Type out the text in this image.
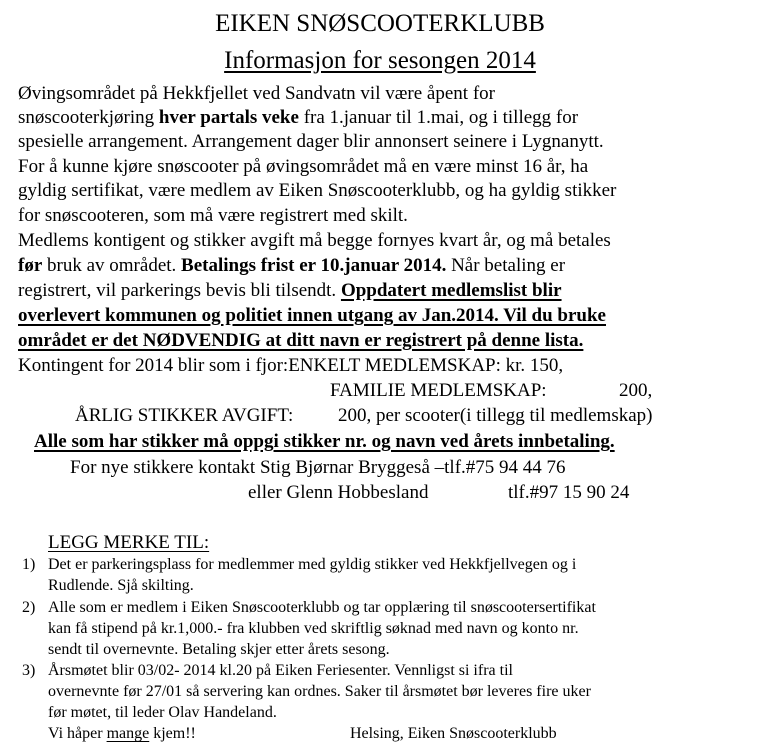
EIKEN SNØSCOOTERKLUBB
Informasjon for sesongen 2014
Øvingsområdet på Hekkfjellet ved Sandvatn vil være åpent for
snøscooterkjøring hver partals veke fra 1.januar til 1.mai, og i tillegg for
spesielle arrangement. Arrangement dager blir annonsert seinere i Lygnanytt.
For å kunne kjøre snøscooter på øvingsområdet må en være minst 16 år, ha
gyldig sertifikat, være medlem av Eiken Snøscooterklubb, og ha gyldig stikker
for snøscooteren, som må være registrert med skilt.
Medlems kontigent og stikker avgift må begge fornyes kvart år, og må betales
før bruk av området. Betalings frist er 10.januar 2014. Når betaling er
registrert, vil parkerings bevis bli tilsendt. Oppdatert medlemslist blir
overlevert kommunen og politiet innen utgang av Jan.2014. Vil du bruke
området er det NØDVENDIG at ditt navn er registrert på denne lista.
Kontingent for 2014 blir som i fjor:ENKELT MEDLEMSKAP: kr. 150,
FAMILIE MEDLEMSKAP:	200,
ÅRLIG STIKKER AVGIFT: 200, per scooter(i tillegg til medlemskap)
Alle som har stikker må oppgi stikker nr. og navn ved årets innbetaling.
For nye stikkere kontakt Stig Bjørnar Bryggeså –tlf.#75 94 44 76
eller Glenn Hobbesland	tlf.#97 15 90 24
LEGG MERKE TIL:
1) Det er parkeringsplass for medlemmer med gyldig stikker ved Hekkfjellvegen og i
Rudlende. Sjå skilting.
2) Alle som er medlem i Eiken Snøscooterklubb og tar opplæring til snøscootersertifikat
kan få stipend på kr.1,000.- fra klubben ved skriftlig søknad med navn og konto nr.
sendt til overnevnte. Betaling skjer etter årets sesong.
3) Årsmøtet blir 03/02- 2014 kl.20 på Eiken Feriesenter. Vennligst si ifra til
overnevnte før 27/01 så servering kan ordnes. Saker til årsmøtet bør leveres fire uker
før møtet, til leder Olav Handeland.
Vi håper mange kjem!!	Helsing, Eiken Snøscooterklubb
